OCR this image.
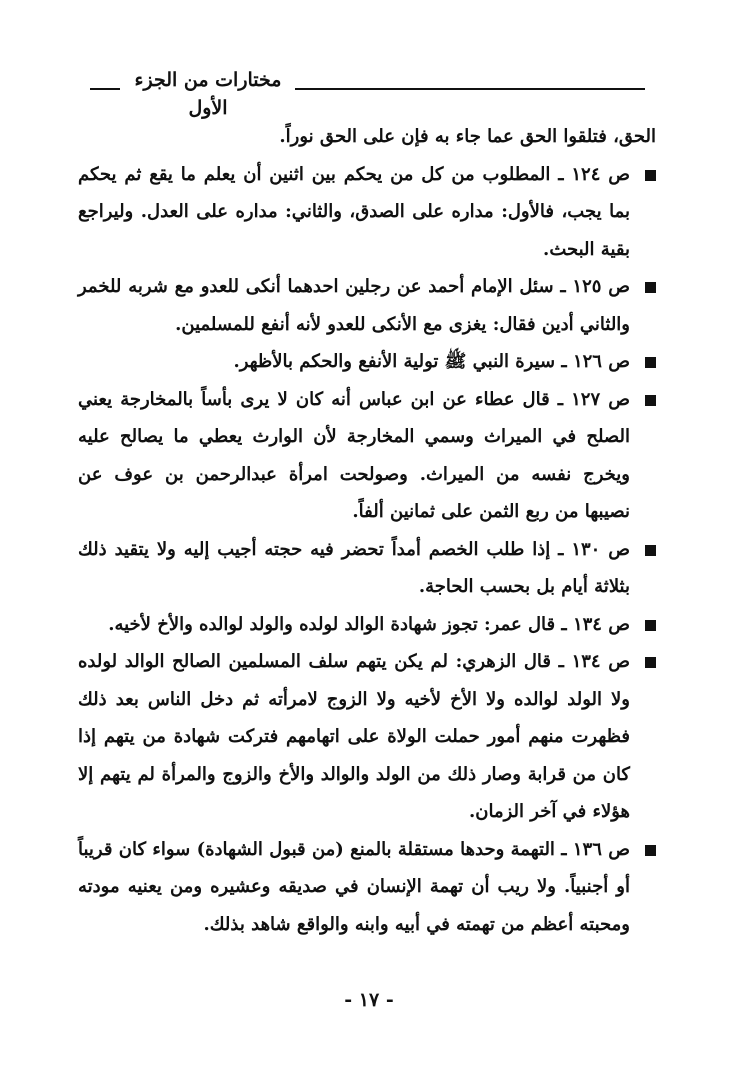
مختارات من الجزء الأول

الحق، فتلقوا الحق عما جاء به فإن على الحق نوراً.

ص ١٢٤ ـ المطلوب من كل من يحكم بين اثنين أن يعلم ما يقع ثم يحكم بما يجب، فالأول: مداره على الصدق، والثاني: مداره على العدل. وليراجع بقية البحث.

ص ١٢٥ ـ سئل الإمام أحمد عن رجلين احدهما أنكى للعدو مع شربه للخمر والثاني أدين فقال: يغزى مع الأنكى للعدو لأنه أنفع للمسلمين.

ص ١٢٦ ـ سيرة النبي ﷺ تولية الأنفع والحكم بالأظهر.

ص ١٢٧ ـ قال عطاء عن ابن عباس أنه كان لا يرى بأساً بالمخارجة يعني الصلح في الميراث وسمي المخارجة لأن الوارث يعطي ما يصالح عليه ويخرج نفسه من الميراث. وصولحت امرأة عبدالرحمن بن عوف عن نصيبها من ربع الثمن على ثمانين ألفاً.

ص ١٣٠ ـ إذا طلب الخصم أمداً تحضر فيه حجته أجيب إليه ولا يتقيد ذلك بثلاثة أيام بل بحسب الحاجة.

ص ١٣٤ ـ قال عمر: تجوز شهادة الوالد لولده والولد لوالده والأخ لأخيه.

ص ١٣٤ ـ قال الزهري: لم يكن يتهم سلف المسلمين الصالح الوالد لولده ولا الولد لوالده ولا الأخ لأخيه ولا الزوج لامرأته ثم دخل الناس بعد ذلك فظهرت منهم أمور حملت الولاة على اتهامهم فتركت شهادة من يتهم إذا كان من قرابة وصار ذلك من الولد والوالد والأخ والزوج والمرأة لم يتهم إلا هؤلاء في آخر الزمان.

ص ١٣٦ ـ التهمة وحدها مستقلة بالمنع (من قبول الشهادة) سواء كان قريباً أو أجنبياً. ولا ريب أن تهمة الإنسان في صديقه وعشيره ومن يعنيه مودته ومحبته أعظم من تهمته في أبيه وابنه والواقع شاهد بذلك.

- ١٧ -
